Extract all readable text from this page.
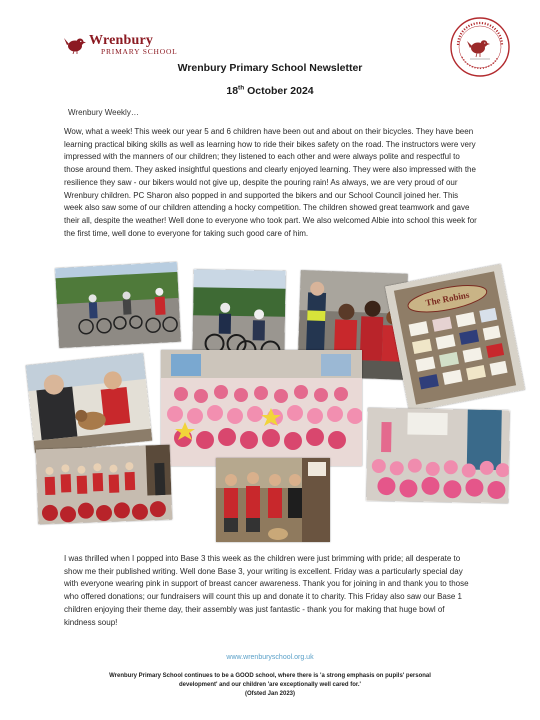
Wrenbury
PRIMARY SCHOOL
Wrenbury Primary School Newsletter
18th October 2024
Wrenbury Weekly…
Wow, what a week! This week our year 5 and 6 children have been out and about on their bicycles. They have been learning practical biking skills as well as learning how to ride their bikes safety on the road. The instructors were very impressed with the manners of our children; they listened to each other and were always polite and respectful to those around them. They asked insightful questions and clearly enjoyed learning. They were also impressed with the resilience they saw - our bikers would not give up, despite the pouring rain! As always, we are very proud of our Wrenbury children. PC Sharon also popped in and supported the bikers and our School Council joined her. This week also saw some of our children attending a hocky competition. The children showed great teamwork and gave their all, despite the weather! Well done to everyone who took part. We also welcomed Albie into school this week for the first time, well done to everyone for taking such good care of him.
The Robins
I was thrilled when I popped into Base 3 this week as the children were just brimming with pride; all desperate to show me their published writing. Well done Base 3, your writing is excellent. Friday was a particularly special day with everyone wearing pink in support of breast cancer awareness. Thank you for joining in and thank you to those who offered donations; our fundraisers will count this up and donate it to charity. This Friday also saw our Base 1 children enjoying their theme day, their assembly was just fantastic - thank you for making that huge bowl of kindness soup!
www.wrenburyschool.org.uk
Wrenbury Primary School continues to be a GOOD school, where there is 'a strong emphasis on pupils' personal
development' and our children 'are exceptionally well cared for.'
(Ofsted Jan 2023)
